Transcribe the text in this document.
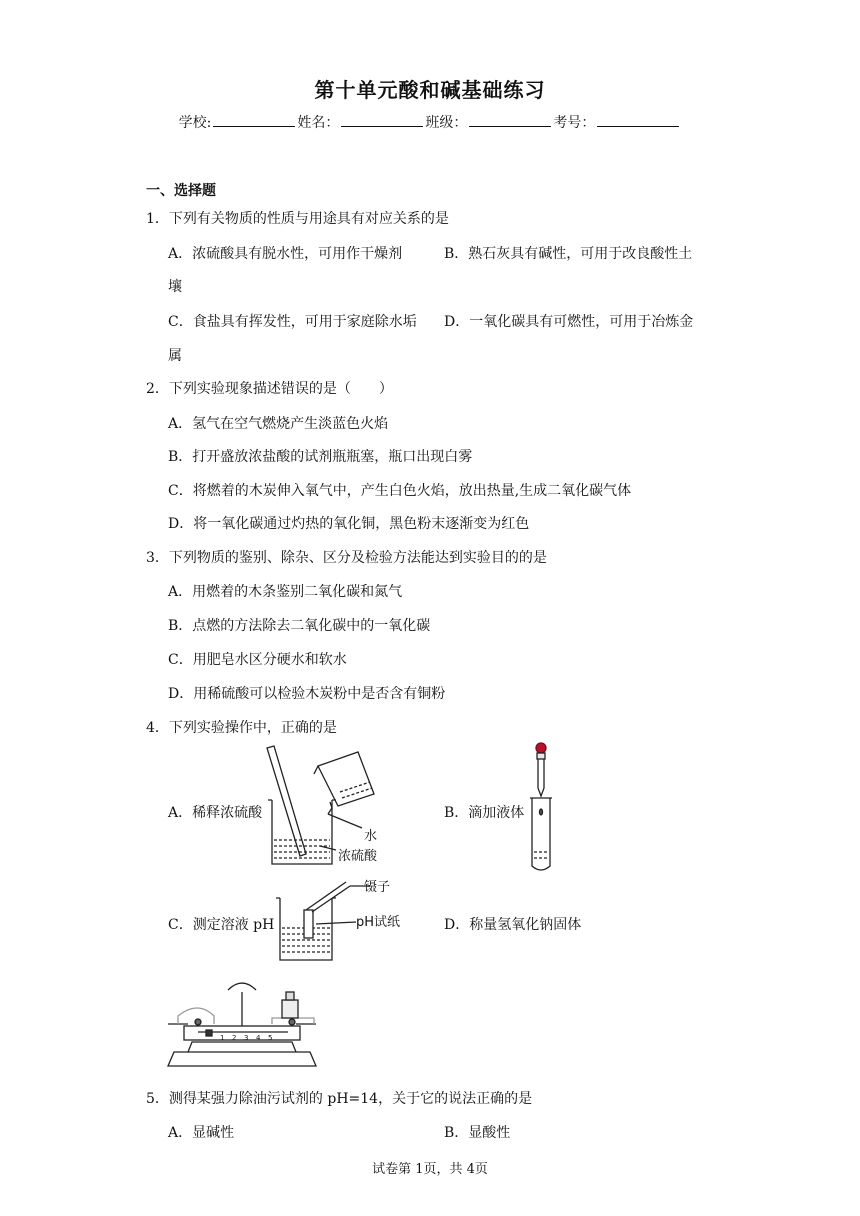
第十单元酸和碱基础练习
学校:	姓名：	班级：	考号：
一、选择题
1．下列有关物质的性质与用途具有对应关系的是
A．浓硫酸具有脱水性，可用作干燥剂	B．熟石灰具有碱性，可用于改良酸性土
壤
C．食盐具有挥发性，可用于家庭除水垢 D．一氧化碳具有可燃性，可用于冶炼金
属
2．下列实验现象描述错误的是（　　）
A．氢气在空气燃烧产生淡蓝色火焰
B．打开盛放浓盐酸的试剂瓶瓶塞，瓶口出现白雾
C．将燃着的木炭伸入氧气中，产生白色火焰，放出热量,生成二氧化碳气体
D．将一氧化碳通过灼热的氧化铜，黑色粉末逐渐变为红色
3．下列物质的鉴别、除杂、区分及检验方法能达到实验目的的是
A．用燃着的木条鉴别二氧化碳和氮气
B．点燃的方法除去二氧化碳中的一氧化碳
C．用肥皂水区分硬水和软水
D．用稀硫酸可以检验木炭粉中是否含有铜粉
4．下列实验操作中，正确的是
A．稀释浓硫酸	B．滴加液体
C．测定溶液 pH	D．称量氢氧化钠固体
水
浓硫酸
镊子
pH试纸
1 2 3 4 5
5．测得某强力除油污试剂的 pH=14，关于它的说法正确的是
A．显碱性	B．显酸性
试卷第 1页，共 4页
